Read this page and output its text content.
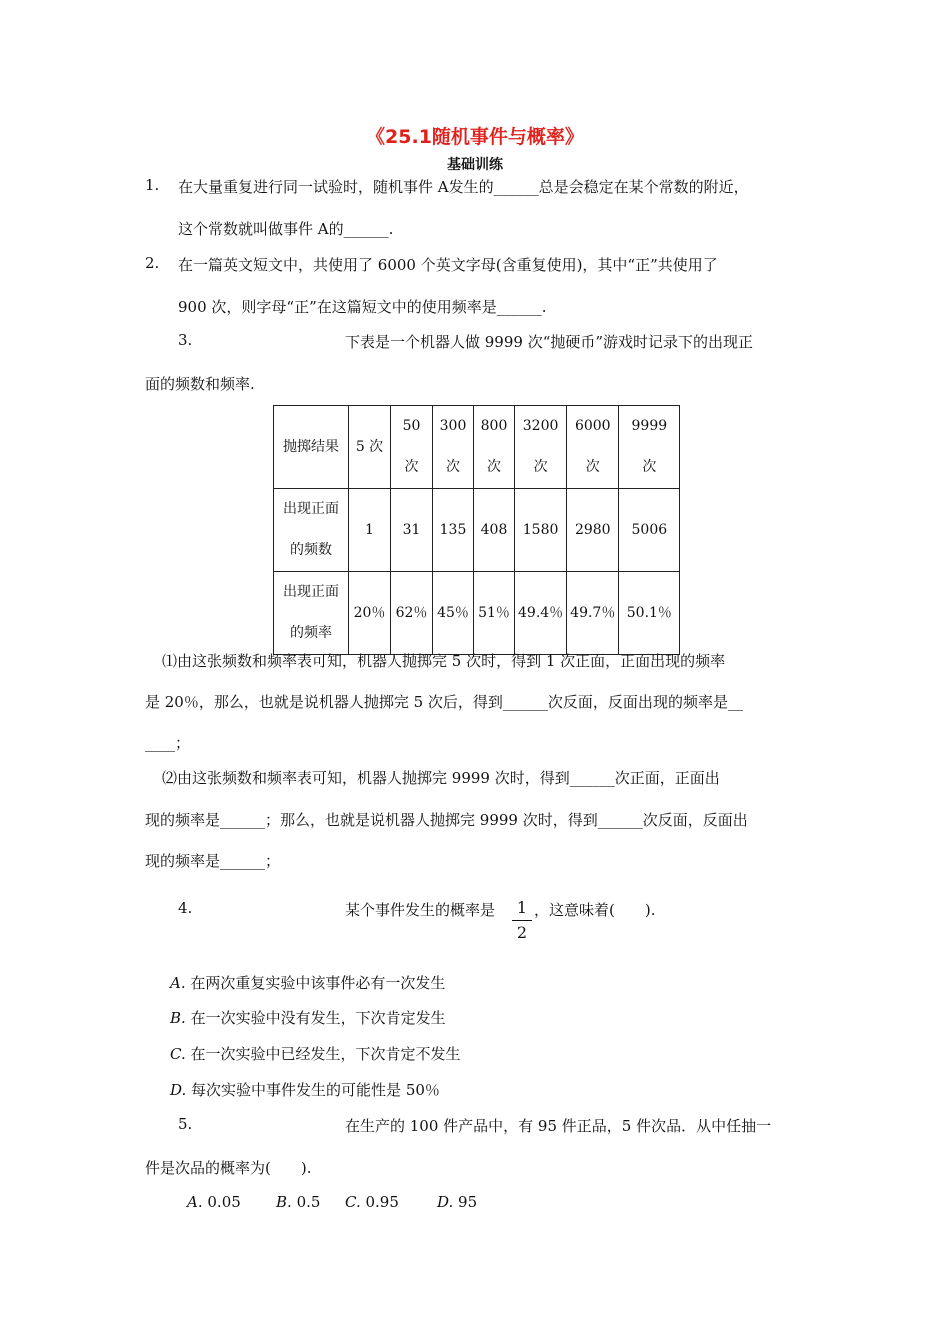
《25.1随机事件与概率》
基础训练
1. 在大量重复进行同一试验时，随机事件 A发生的______总是会稳定在某个常数的附近，
这个常数就叫做事件 A的______.
2. 在一篇英文短文中，共使用了 6000 个英文字母(含重复使用)，其中“正”共使用了
900 次，则字母“正”在这篇短文中的使用频率是______.
3.	下表是一个机器人做 9999 次“抛硬币”游戏时记录下的出现正
面的频数和频率.
抛掷结果	5 次	50 次	300 次	800 次	3200 次	6000 次	9999 次
出现正面的频数	1	31	135	408	1580	2980	5006
出现正面的频率	20％	62％	45％	51％	49.4％	49.7％	50.1％
⑴由这张频数和频率表可知，机器人抛掷完 5 次时，得到 1 次正面，正面出现的频率
是 20％，那么，也就是说机器人抛掷完 5 次后，得到______次反面，反面出现的频率是__
____；
⑵由这张频数和频率表可知，机器人抛掷完 9999 次时，得到______次正面，正面出
现的频率是______；那么，也就是说机器人抛掷完 9999 次时，得到______次反面，反面出
现的频率是______；
4.	某个事件发生的概率是	1
2
，这意味着(　　).
A. 在两次重复实验中该事件必有一次发生
B. 在一次实验中没有发生，下次肯定发生
C. 在一次实验中已经发生，下次肯定不发生
D. 每次实验中事件发生的可能性是 50％
5.	在生产的 100 件产品中，有 95 件正品，5 件次品．从中任抽一
件是次品的概率为(　　).
A. 0.05 B. 0.5 C. 0.95	D. 95
